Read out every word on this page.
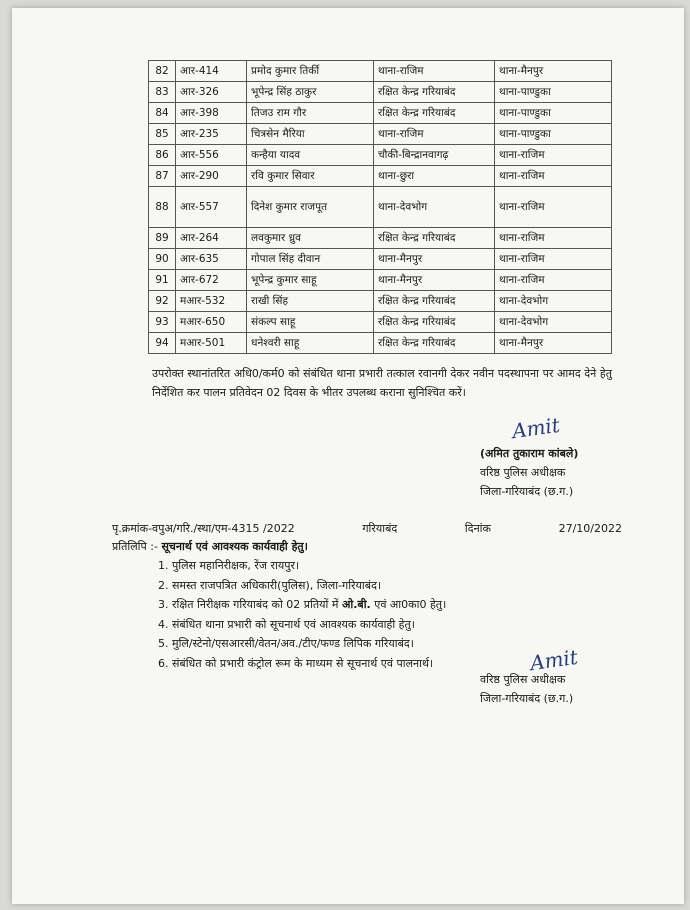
82	आर-414	प्रमोद कुमार तिर्की	थाना-राजिम	थाना-मैनपुर
83	आर-326	भूपेन्द्र सिंह ठाकुर	रक्षित केन्द्र गरियाबंद	थाना-पाण्डुका
84	आर-398	तिजउ राम गौर	रक्षित केन्द्र गरियाबंद	थाना-पाण्डुका
85	आर-235	चित्रसेन मैरिया	थाना-राजिम	थाना-पाण्डुका
86	आर-556	कन्हैया यादव	चौकी-बिन्द्रानवागढ़	थाना-राजिम
87	आर-290	रवि कुमार सिवार	थाना-छुरा	थाना-राजिम
88	आर-557	दिनेश कुमार राजपूत	थाना-देवभोग	थाना-राजिम
89	आर-264	लवकुमार ध्रुव	रक्षित केन्द्र गरियाबंद	थाना-राजिम
90	आर-635	गोपाल सिंह दीवान	थाना-मैनपुर	थाना-राजिम
91	आर-672	भूपेन्द्र कुमार साहू	थाना-मैनपुर	थाना-राजिम
92	मआर-532	राखी सिंह	रक्षित केन्द्र गरियाबंद	थाना-देवभोग
93	मआर-650	संकल्प साहू	रक्षित केन्द्र गरियाबंद	थाना-देवभोग
94	मआर-501	धनेश्वरी साहू	रक्षित केन्द्र गरियाबंद	थाना-मैनपुर
उपरोक्त स्थानांतरित अधि0/कर्म0 को संबंधित थाना प्रभारी तत्काल रवानगी देकर नवीन पदस्थापना पर आमद देने हेतु निर्देशित कर पालन प्रतिवेदन 02 दिवस के भीतर उपलब्ध कराना सुनिश्चित करें।
Amit
(अमित तुकाराम कांबले)
वरिष्ठ पुलिस अधीक्षक
जिला-गरियाबंद (छ.ग.)
पृ.क्रमांक-वपुअ/गरि./स्था/एम-4315 /2022	गरियाबंद	दिनांक	27/10/2022
प्रतिलिपि :- सूचनार्थ एवं आवश्यक कार्यवाही हेतु।
1. पुलिस महानिरीक्षक, रेंज रायपुर।
2. समस्त राजपत्रित अधिकारी(पुलिस), जिला-गरियाबंद।
3. रक्षित निरीक्षक गरियाबंद को 02 प्रतियों में ओ.बी. एवं आ0का0 हेतु।
4. संबंधित थाना प्रभारी को सूचनार्थ एवं आवश्यक कार्यवाही हेतु।
5. मुलि/स्टेनो/एसआरसी/वेतन/अव./टीए/फण्ड लिपिक गरियाबंद।
6. संबंधित को प्रभारी कंट्रोल रूम के माध्यम से सूचनार्थ एवं पालनार्थ।	Amit
वरिष्ठ पुलिस अधीक्षक
जिला-गरियाबंद (छ.ग.)
